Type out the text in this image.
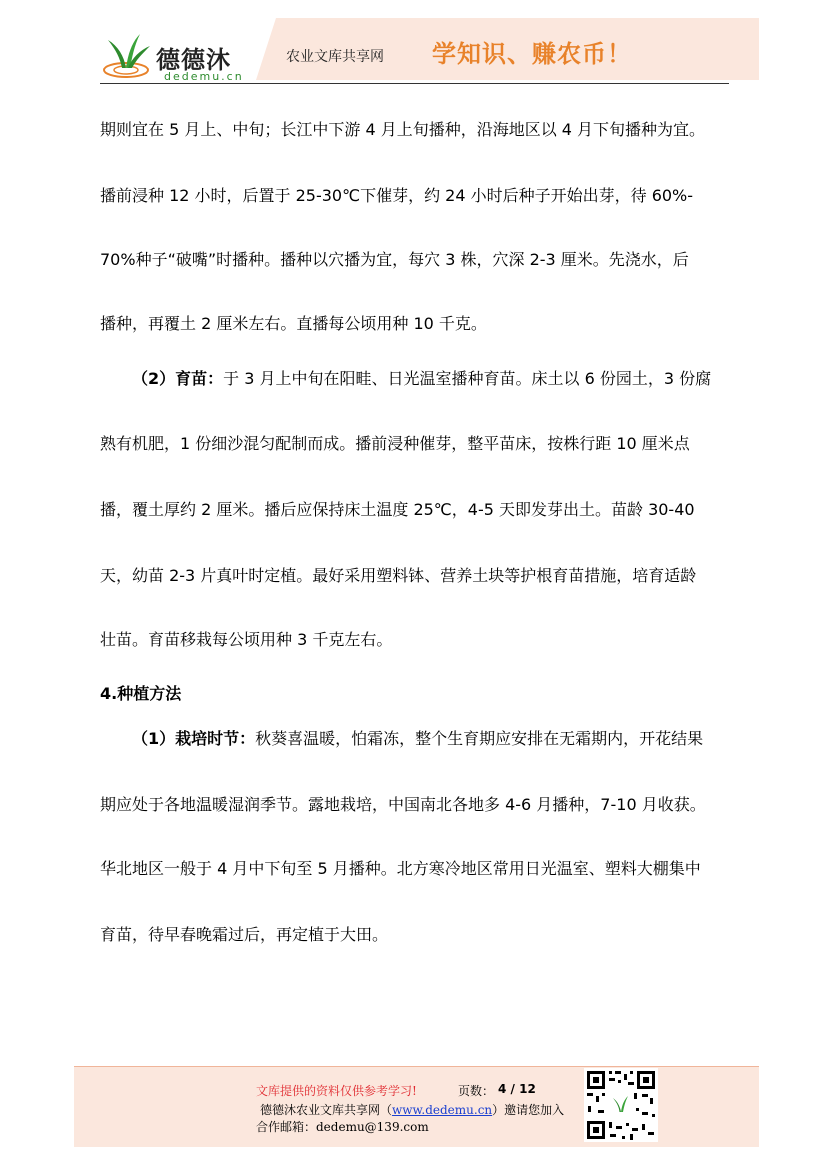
德德沐
dedemu.cn
农业文库共享网 学知识、赚农币！
期则宜在 5 月上、中旬；长江中下游 4 月上旬播种，沿海地区以 4 月下旬播种为宜。
播前浸种 12 小时，后置于 25-30℃下催芽，约 24 小时后种子开始出芽，待 60%-
70%种子“破嘴”时播种。播种以穴播为宜，每穴 3 株，穴深 2-3 厘米。先浇水，后
播种，再覆土 2 厘米左右。直播每公顷用种 10 千克。
（2）育苗：于 3 月上中旬在阳畦、日光温室播种育苗。床土以 6 份园土，3 份腐
熟有机肥，1 份细沙混匀配制而成。播前浸种催芽，整平苗床，按株行距 10 厘米点
播，覆土厚约 2 厘米。播后应保持床土温度 25℃，4-5 天即发芽出土。苗龄 30-40
天，幼苗 2-3 片真叶时定植。最好采用塑料钵、营养土块等护根育苗措施，培育适龄
壮苗。育苗移栽每公顷用种 3 千克左右。
4.种植方法
（1）栽培时节：秋葵喜温暖，怕霜冻，整个生育期应安排在无霜期内，开花结果
期应处于各地温暖湿润季节。露地栽培，中国南北各地多 4-6 月播种，7-10 月收获。
华北地区一般于 4 月中下旬至 5 月播种。北方寒冷地区常用日光温室、塑料大棚集中
育苗，待早春晚霜过后，再定植于大田。
文库提供的资料仅供参考学习!	页数： 4 / 12
德德沐农业文库共享网（www.dedemu.cn）邀请您加入
合作邮箱：dedemu@139.com
